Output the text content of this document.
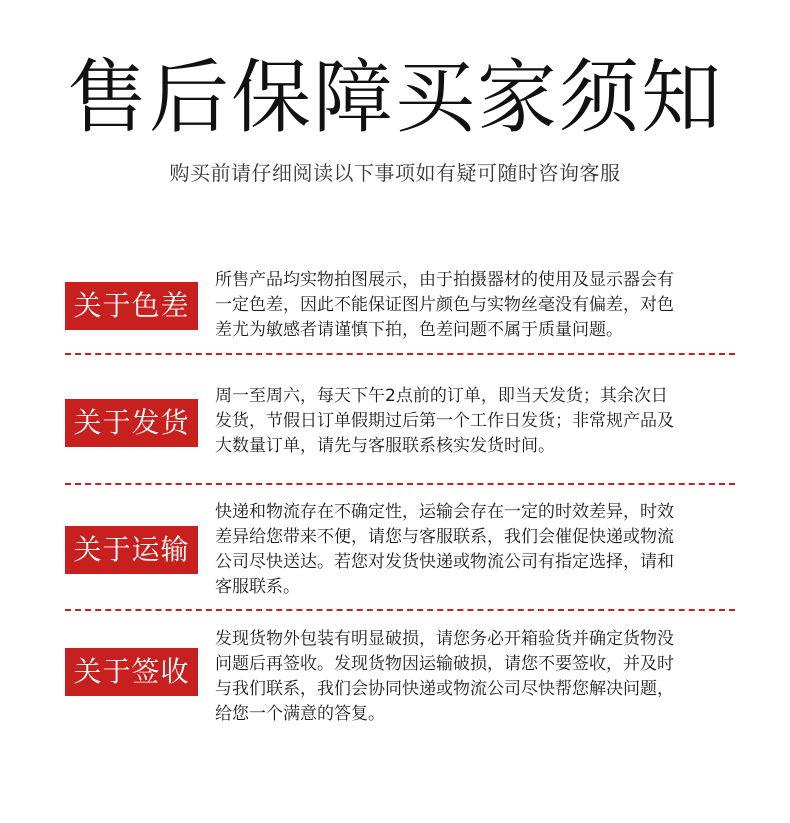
售后保障买家须知
购买前请仔细阅读以下事项如有疑可随时咨询客服
关于色差
所售产品均实物拍图展示，由于拍摄器材的使用及显示器会有
一定色差，因此不能保证图片颜色与实物丝毫没有偏差，对色
差尤为敏感者请谨慎下拍，色差问题不属于质量问题。
关于发货
周一至周六，每天下午2点前的订单，即当天发货；其余次日
发货，节假日订单假期过后第一个工作日发货；非常规产品及
大数量订单，请先与客服联系核实发货时间。
关于运输
快递和物流存在不确定性，运输会存在一定的时效差异，时效
差异给您带来不便，请您与客服联系，我们会催促快递或物流
公司尽快送达。若您对发货快递或物流公司有指定选择，请和
客服联系。
关于签收
发现货物外包装有明显破损，请您务必开箱验货并确定货物没
问题后再签收。发现货物因运输破损，请您不要签收，并及时
与我们联系，我们会协同快递或物流公司尽快帮您解决问题，
给您一个满意的答复。
